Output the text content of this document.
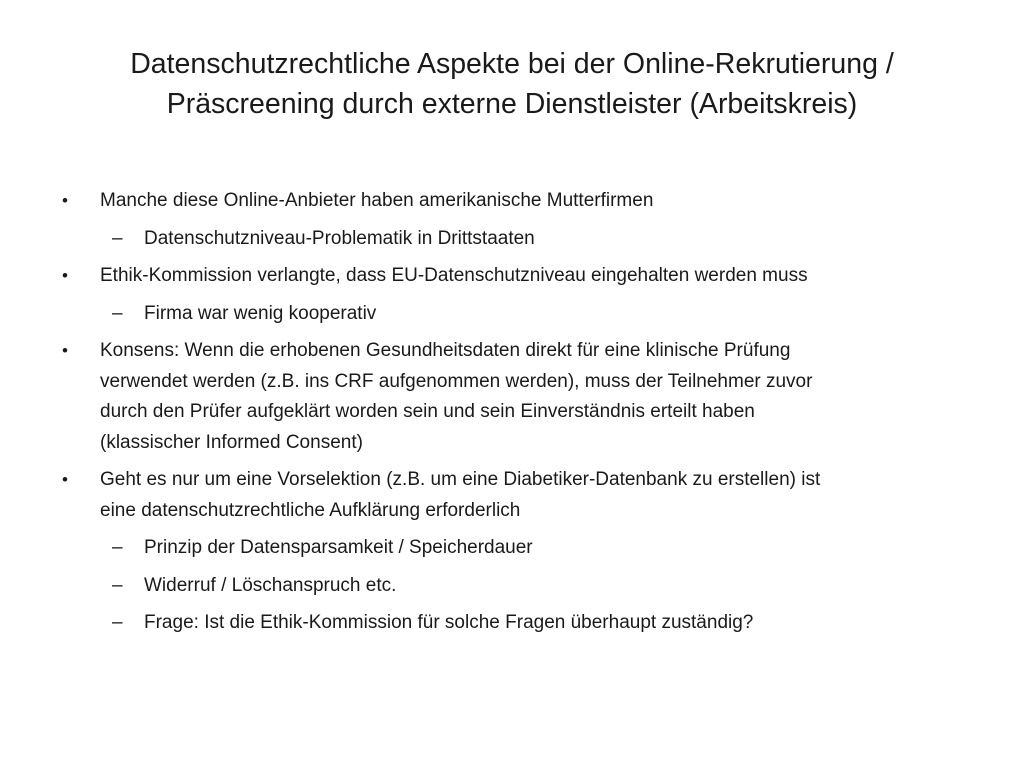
Datenschutzrechtliche Aspekte bei der Online-Rekrutierung /
Präscreening durch externe Dienstleister (Arbeitskreis)
• Manche diese Online-Anbieter haben amerikanische Mutterfirmen
– Datenschutzniveau-Problematik in Drittstaaten
• Ethik-Kommission verlangte, dass EU-Datenschutzniveau eingehalten werden muss
– Firma war wenig kooperativ
• Konsens: Wenn die erhobenen Gesundheitsdaten direkt für eine klinische Prüfung
verwendet werden (z.B. ins CRF aufgenommen werden), muss der Teilnehmer zuvor
durch den Prüfer aufgeklärt worden sein und sein Einverständnis erteilt haben
(klassischer Informed Consent)
• Geht es nur um eine Vorselektion (z.B. um eine Diabetiker-Datenbank zu erstellen) ist
eine datenschutzrechtliche Aufklärung erforderlich
– Prinzip der Datensparsamkeit / Speicherdauer
– Widerruf / Löschanspruch etc.
– Frage: Ist die Ethik-Kommission für solche Fragen überhaupt zuständig?
